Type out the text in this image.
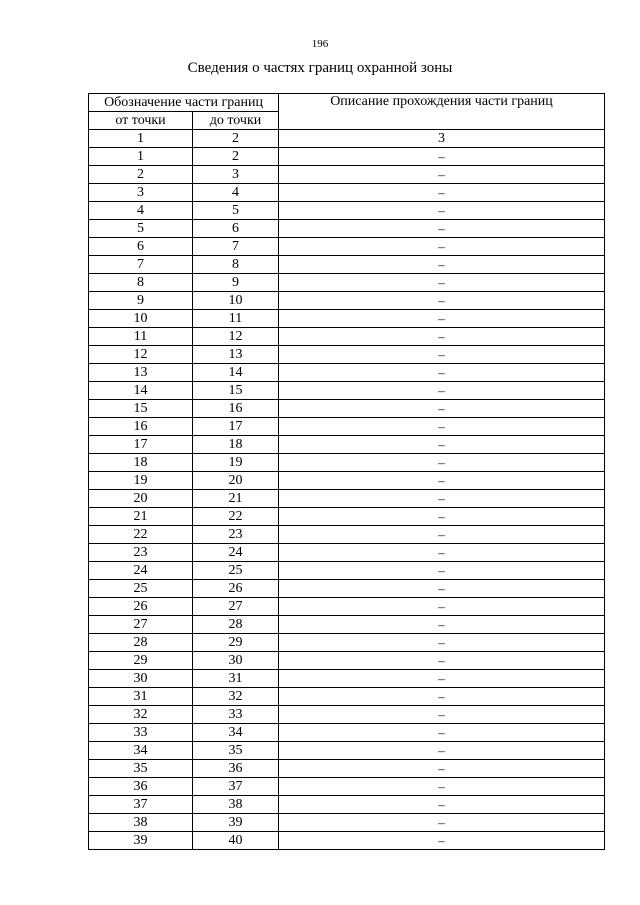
196
Сведения о частях границ охранной зоны
Обозначение части границ		Описание прохождения части границ
от точки	до точки	
1	2	3
1	2	–
2	3	–
3	4	–
4	5	–
5	6	–
6	7	–
7	8	–
8	9	–
9	10	–
10	11	–
11	12	–
12	13	–
13	14	–
14	15	–
15	16	–
16	17	–
17	18	–
18	19	–
19	20	–
20	21	–
21	22	–
22	23	–
23	24	–
24	25	–
25	26	–
26	27	–
27	28	–
28	29	–
29	30	–
30	31	–
31	32	–
32	33	–
33	34	–
34	35	–
35	36	–
36	37	–
37	38	–
38	39	–
39	40	–
